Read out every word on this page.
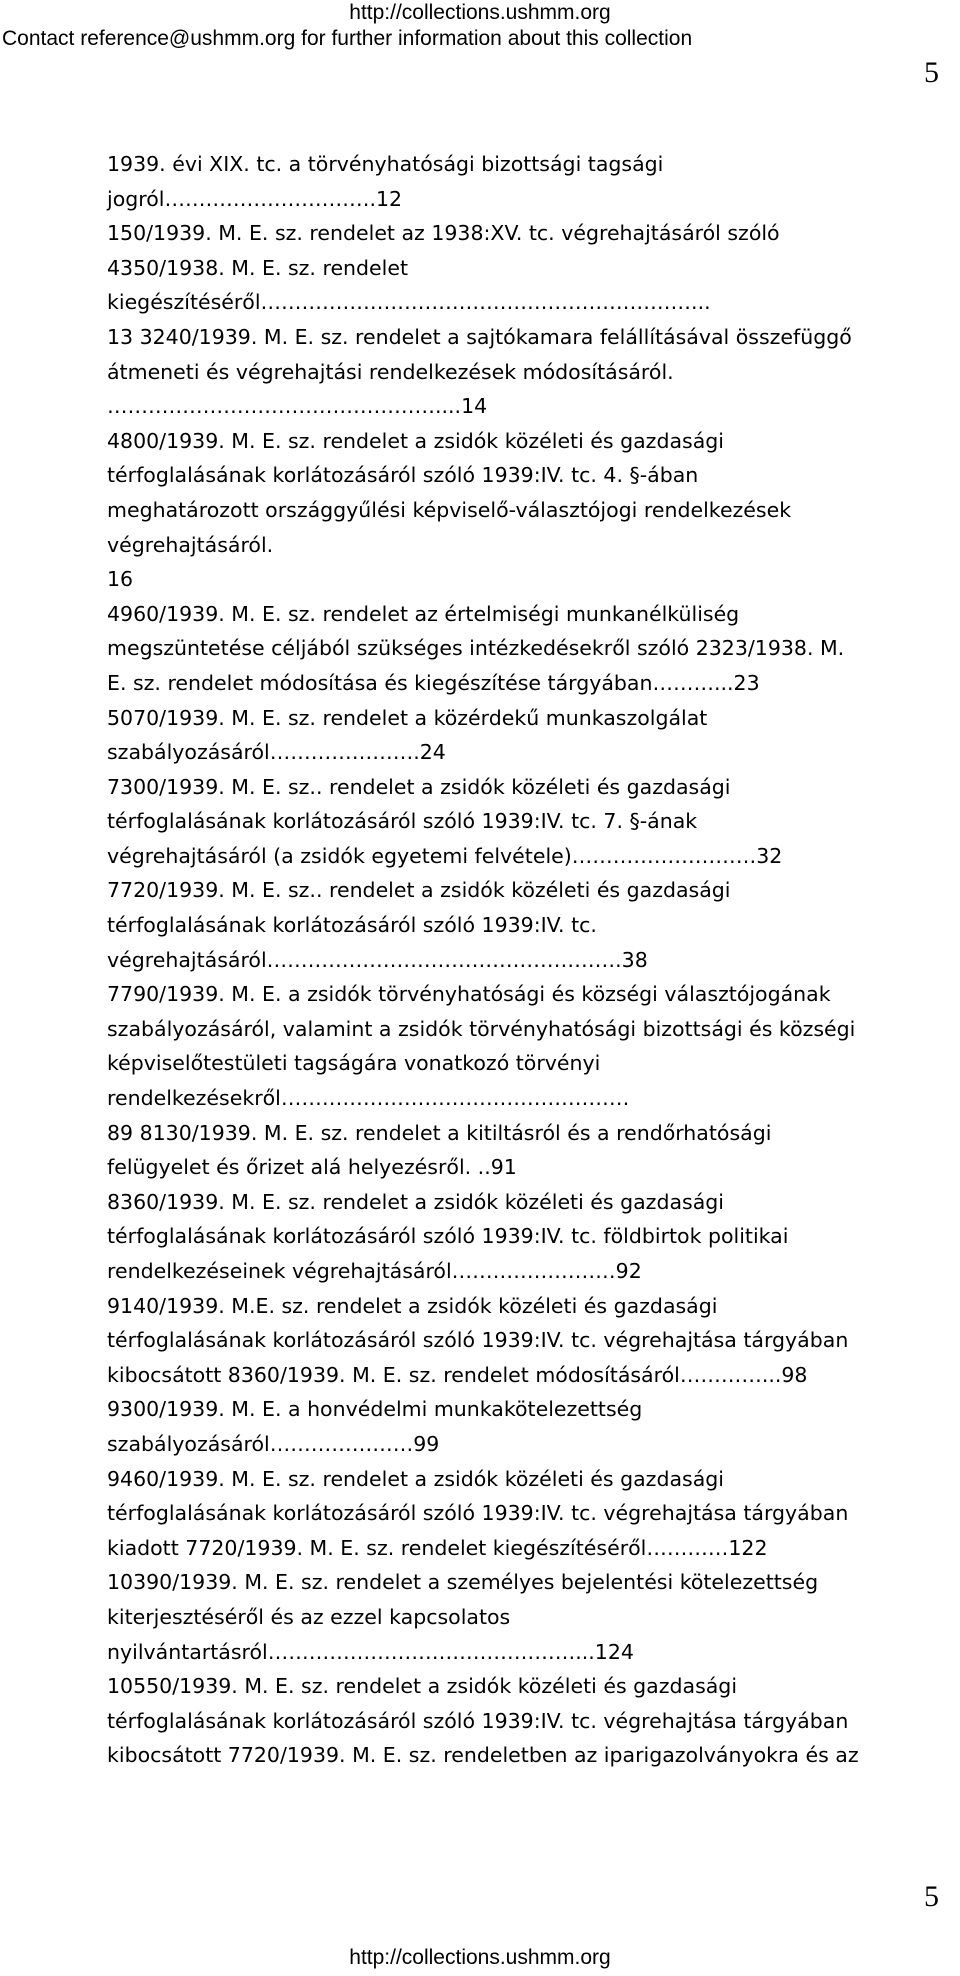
http://collections.ushmm.org
Contact reference@ushmm.org for further information about this collection
5
1939. évi XIX. tc. a törvényhatósági bizottsági tagsági
jogról………………………….12
150/1939. M. E. sz. rendelet az 1938:XV. tc. végrehajtásáról szóló
4350/1938. M. E. sz. rendelet
kiegészítéséről………………………………………………………...
13 3240/1939. M. E. sz. rendelet a sajtókamara felállításával összefüggő
átmeneti és végrehajtási rendelkezések módosításáról.
…………………………………………....14
4800/1939. M. E. sz. rendelet a zsidók közéleti és gazdasági
térfoglalásának korlátozásáról szóló 1939:IV. tc. 4. §-ában
meghatározott országgyűlési képviselő-választójogi rendelkezések
végrehajtásáról.
16
4960/1939. M. E. sz. rendelet az értelmiségi munkanélküliség
megszüntetése céljából szükséges intézkedésekről szóló 2323/1938. M.
E. sz. rendelet módosítása és kiegészítése tárgyában………...23
5070/1939. M. E. sz. rendelet a közérdekű munkaszolgálat
szabályozásáról………………….24
7300/1939. M. E. sz.. rendelet a zsidók közéleti és gazdasági
térfoglalásának korlátozásáról szóló 1939:IV. tc. 7. §-ának
végrehajtásáról (a zsidók egyetemi felvétele)………………………32
7720/1939. M. E. sz.. rendelet a zsidók közéleti és gazdasági
térfoglalásának korlátozásáról szóló 1939:IV. tc.
végrehajtásáról…………………………………………….38
7790/1939. M. E. a zsidók törvényhatósági és községi választójogának
szabályozásáról, valamint a zsidók törvényhatósági bizottsági és községi
képviselőtestületi tagságára vonatkozó törvényi
rendelkezésekről……………………………………………
89 8130/1939. M. E. sz. rendelet a kitiltásról és a rendőrhatósági
felügyelet és őrizet alá helyezésről. ..91
8360/1939. M. E. sz. rendelet a zsidók közéleti és gazdasági
térfoglalásának korlátozásáról szóló 1939:IV. tc. földbirtok politikai
rendelkezéseinek végrehajtásáról……………………92
9140/1939. M.E. sz. rendelet a zsidók közéleti és gazdasági
térfoglalásának korlátozásáról szóló 1939:IV. tc. végrehajtása tárgyában
kibocsátott 8360/1939. M. E. sz. rendelet módosításáról…………...98
9300/1939. M. E. a honvédelmi munkakötelezettség
szabályozásáról…………………99
9460/1939. M. E. sz. rendelet a zsidók közéleti és gazdasági
térfoglalásának korlátozásáról szóló 1939:IV. tc. végrehajtása tárgyában
kiadott 7720/1939. M. E. sz. rendelet kiegészítéséről…………122
10390/1939. M. E. sz. rendelet a személyes bejelentési kötelezettség
kiterjesztéséről és az ezzel kapcsolatos
nyilvántartásról………………………………………...124
10550/1939. M. E. sz. rendelet a zsidók közéleti és gazdasági
térfoglalásának korlátozásáról szóló 1939:IV. tc. végrehajtása tárgyában
kibocsátott 7720/1939. M. E. sz. rendeletben az iparigazolványokra és az
5
http://collections.ushmm.org
